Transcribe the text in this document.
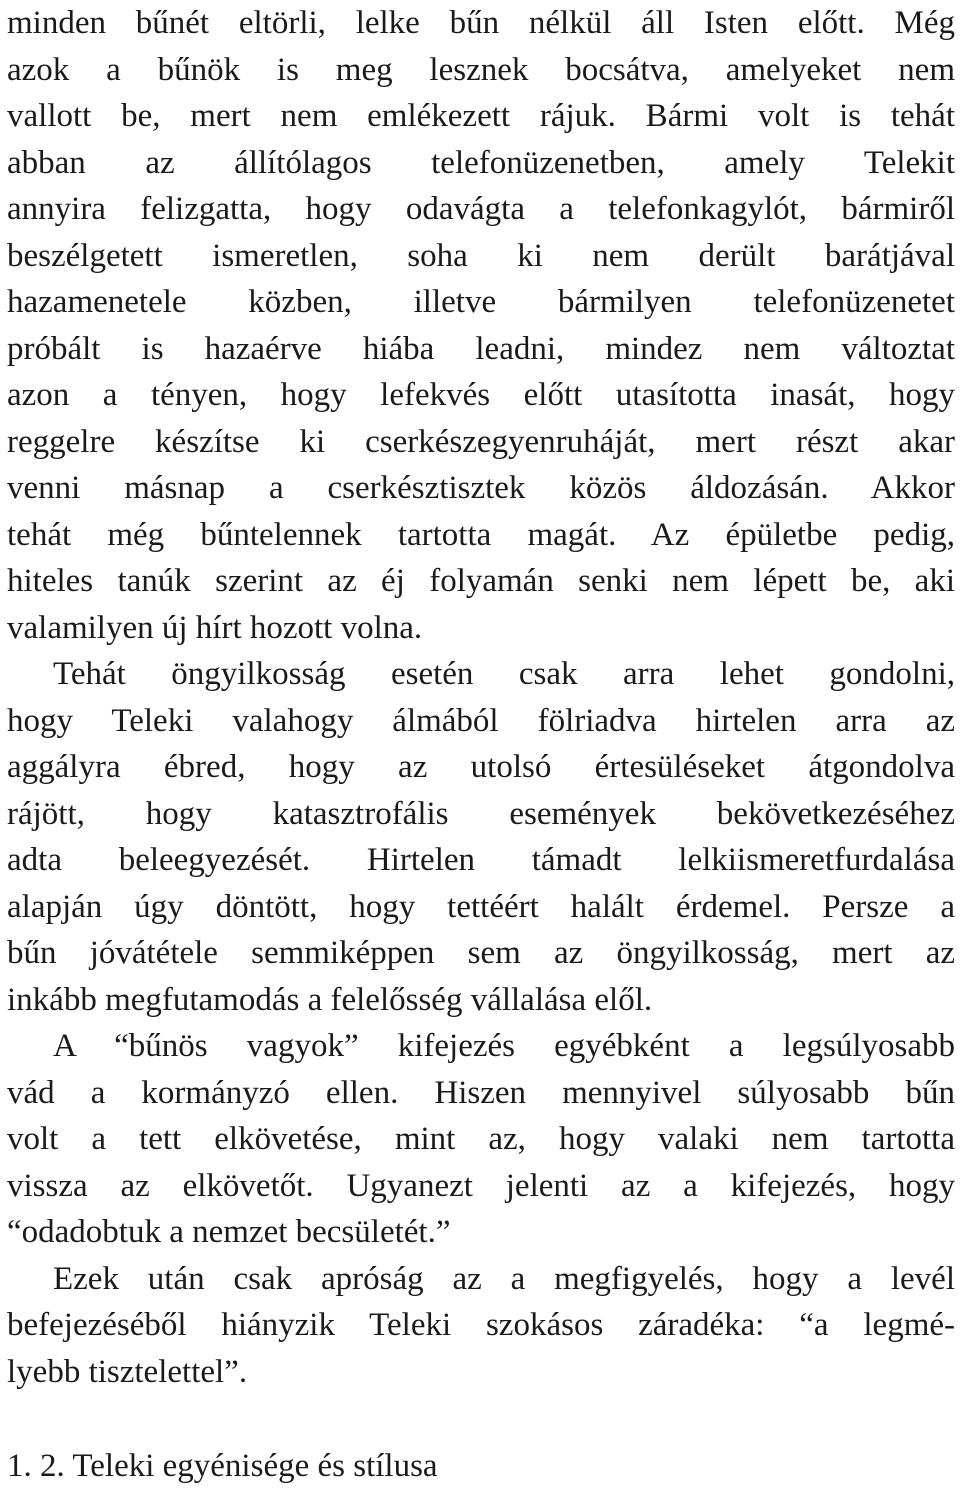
minden bűnét eltörli, lelke bűn nélkül áll Isten előtt. Még
azok a bűnök is meg lesznek bocsátva, amelyeket nem
vallott be, mert nem emlékezett rájuk. Bármi volt is tehát
abban az állítólagos telefonüzenetben, amely Telekit
annyira felizgatta, hogy odavágta a telefonkagylót, bármiről
beszélgetett ismeretlen, soha ki nem derült barátjával
hazamenetele közben, illetve bármilyen telefonüzenetet
próbált is hazaérve hiába leadni, mindez nem változtat
azon a tényen, hogy lefekvés előtt utasította inasát, hogy
reggelre készítse ki cserkészegyenruháját, mert részt akar
venni másnap a cserkésztisztek közös áldozásán. Akkor
tehát még bűntelennek tartotta magát. Az épületbe pedig,
hiteles tanúk szerint az éj folyamán senki nem lépett be, aki
valamilyen új hírt hozott volna.
Tehát öngyilkosság esetén csak arra lehet gondolni,
hogy Teleki valahogy álmából fölriadva hirtelen arra az
aggályra ébred, hogy az utolsó értesüléseket átgondolva
rájött, hogy katasztrofális események bekövetkezéséhez
adta beleegyezését. Hirtelen támadt lelkiismeretfurdalása
alapján úgy döntött, hogy tettéért halált érdemel. Persze a
bűn jóvátétele semmiképpen sem az öngyilkosság, mert az
inkább megfutamodás a felelősség vállalása elől.
A “bűnös vagyok” kifejezés egyébként a legsúlyosabb
vád a kormányzó ellen. Hiszen mennyivel súlyosabb bűn
volt a tett elkövetése, mint az, hogy valaki nem tartotta
vissza az elkövetőt. Ugyanezt jelenti az a kifejezés, hogy
“odadobtuk a nemzet becsületét.”
Ezek után csak apróság az a megfigyelés, hogy a levél
befejezéséből hiányzik Teleki szokásos záradéka: “a legmé-
lyebb tisztelettel”.
1. 2. Teleki egyénisége és stílusa
